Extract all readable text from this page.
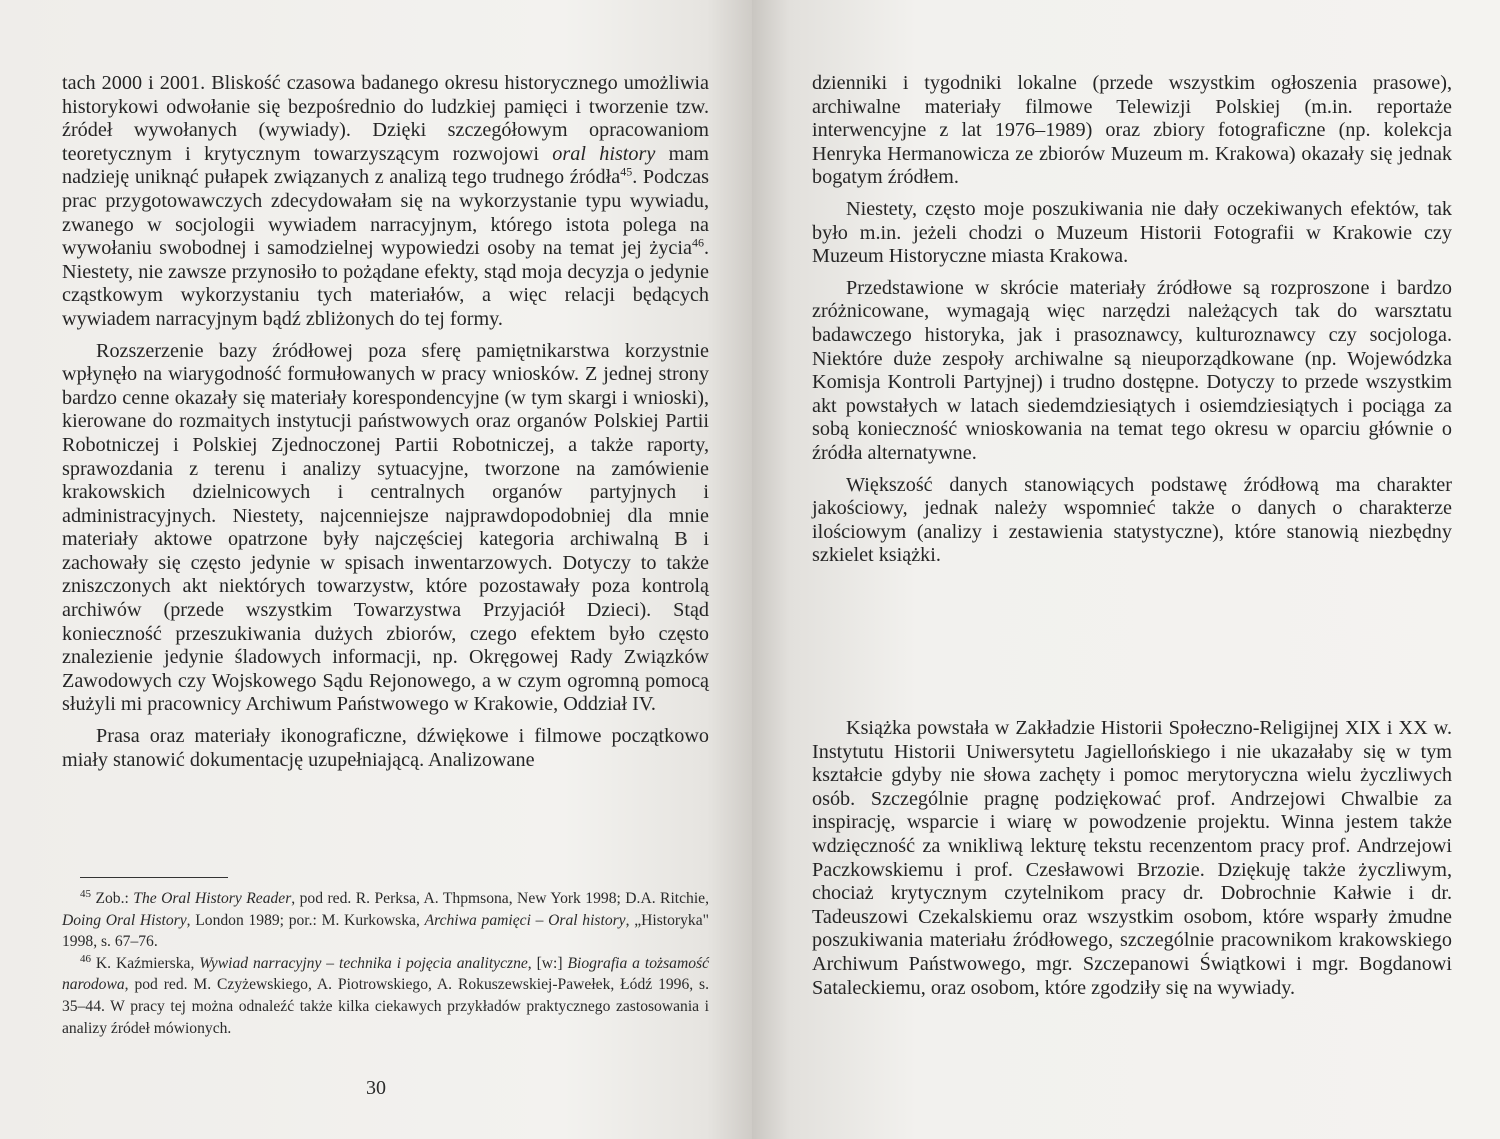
tach 2000 i 2001. Bliskość czasowa badanego okresu historycznego umożliwia historykowi odwołanie się bezpośrednio do ludzkiej pamięci i tworzenie tzw. źródeł wywołanych (wywiady). Dzięki szczegółowym opracowaniom teoretycznym i krytycznym towarzyszącym rozwojowi oral history mam nadzieję uniknąć pułapek związanych z analizą tego trudnego źródła$^{45}$. Podczas prac przygotowawczych zdecydowałam się na wykorzystanie typu wywiadu, zwanego w socjologii wywiadem narracyjnym, którego istota polega na wywołaniu swobodnej i samodzielnej wypowiedzi osoby na temat jej życia$^{46}$. Niestety, nie zawsze przynosiło to pożądane efekty, stąd moja decyzja o jedynie cząstkowym wykorzystaniu tych materiałów, a więc relacji będących wywiadem narracyjnym bądź zbliżonych do tej formy.

Rozszerzenie bazy źródłowej poza sferę pamiętnikarstwa korzystnie wpłynęło na wiarygodność formułowanych w pracy wniosków. Z jednej strony bardzo cenne okazały się materiały korespondencyjne (w tym skargi i wnioski), kierowane do rozmaitych instytucji państwowych oraz organów Polskiej Partii Robotniczej i Polskiej Zjednoczonej Partii Robotniczej, a także raporty, sprawozdania z terenu i analizy sytuacyjne, tworzone na zamówienie krakowskich dzielnicowych i centralnych organów partyjnych i administracyjnych. Niestety, najcenniejsze najprawdopodobniej dla mnie materiały aktowe opatrzone były najczęściej kategoria archiwalną B i zachowały się często jedynie w spisach inwentarzowych. Dotyczy to także zniszczonych akt niektórych towarzystw, które pozostawały poza kontrolą archiwów (przede wszystkim Towarzystwa Przyjaciół Dzieci). Stąd konieczność przeszukiwania dużych zbiorów, czego efektem było często znalezienie jedynie śladowych informacji, np. Okręgowej Rady Związków Zawodowych czy Wojskowego Sądu Rejonowego, a w czym ogromną pomocą służyli mi pracownicy Archiwum Państwowego w Krakowie, Oddział IV.

Prasa oraz materiały ikonograficzne, dźwiękowe i filmowe początkowo miały stanowić dokumentację uzupełniającą. Analizowane

$^{45}$ Zob.: The Oral History Reader, pod red. R. Perksa, A. Thpmsona, New York 1998; D.A. Ritchie, Doing Oral History, London 1989; por.: M. Kurkowska, Archiwa pamięci – Oral history, „Historyka" 1998, s. 67–76.

$^{46}$ K. Kaźmierska, Wywiad narracyjny – technika i pojęcia analityczne, [w:] Biografia a tożsamość narodowa, pod red. M. Czyżewskiego, A. Piotrowskiego, A. Rokuszewskiej-Pawełek, Łódź 1996, s. 35–44. W pracy tej można odnaleźć także kilka ciekawych przykładów praktycznego zastosowania i analizy źródeł mówionych.

30

dzienniki i tygodniki lokalne (przede wszystkim ogłoszenia prasowe), archiwalne materiały filmowe Telewizji Polskiej (m.in. reportaże interwencyjne z lat 1976–1989) oraz zbiory fotograficzne (np. kolekcja Henryka Hermanowicza ze zbiorów Muzeum m. Krakowa) okazały się jednak bogatym źródłem.

Niestety, często moje poszukiwania nie dały oczekiwanych efektów, tak było m.in. jeżeli chodzi o Muzeum Historii Fotografii w Krakowie czy Muzeum Historyczne miasta Krakowa.

Przedstawione w skrócie materiały źródłowe są rozproszone i bardzo zróżnicowane, wymagają więc narzędzi należących tak do warsztatu badawczego historyka, jak i prasoznawcy, kulturoznawcy czy socjologa. Niektóre duże zespoły archiwalne są nieuporządkowane (np. Wojewódzka Komisja Kontroli Partyjnej) i trudno dostępne. Dotyczy to przede wszystkim akt powstałych w latach siedemdziesiątych i osiemdziesiątych i pociąga za sobą konieczność wnioskowania na temat tego okresu w oparciu głównie o źródła alternatywne.

Większość danych stanowiących podstawę źródłową ma charakter jakościowy, jednak należy wspomnieć także o danych o charakterze ilościowym (analizy i zestawienia statystyczne), które stanowią niezbędny szkielet książki.

Książka powstała w Zakładzie Historii Społeczno-Religijnej XIX i XX w. Instytutu Historii Uniwersytetu Jagiellońskiego i nie ukazałaby się w tym kształcie gdyby nie słowa zachęty i pomoc merytoryczna wielu życzliwych osób. Szczególnie pragnę podziękować prof. Andrzejowi Chwalbie za inspirację, wsparcie i wiarę w powodzenie projektu. Winna jestem także wdzięczność za wnikliwą lekturę tekstu recenzentom pracy prof. Andrzejowi Paczkowskiemu i prof. Czesławowi Brzozie. Dziękuję także życzliwym, chociaż krytycznym czytelnikom pracy dr. Dobrochnie Kałwie i dr. Tadeuszowi Czekalskiemu oraz wszystkim osobom, które wsparły żmudne poszukiwania materiału źródłowego, szczególnie pracownikom krakowskiego Archiwum Państwowego, mgr. Szczepanowi Świątkowi i mgr. Bogdanowi Sataleckiemu, oraz osobom, które zgodziły się na wywiady.
